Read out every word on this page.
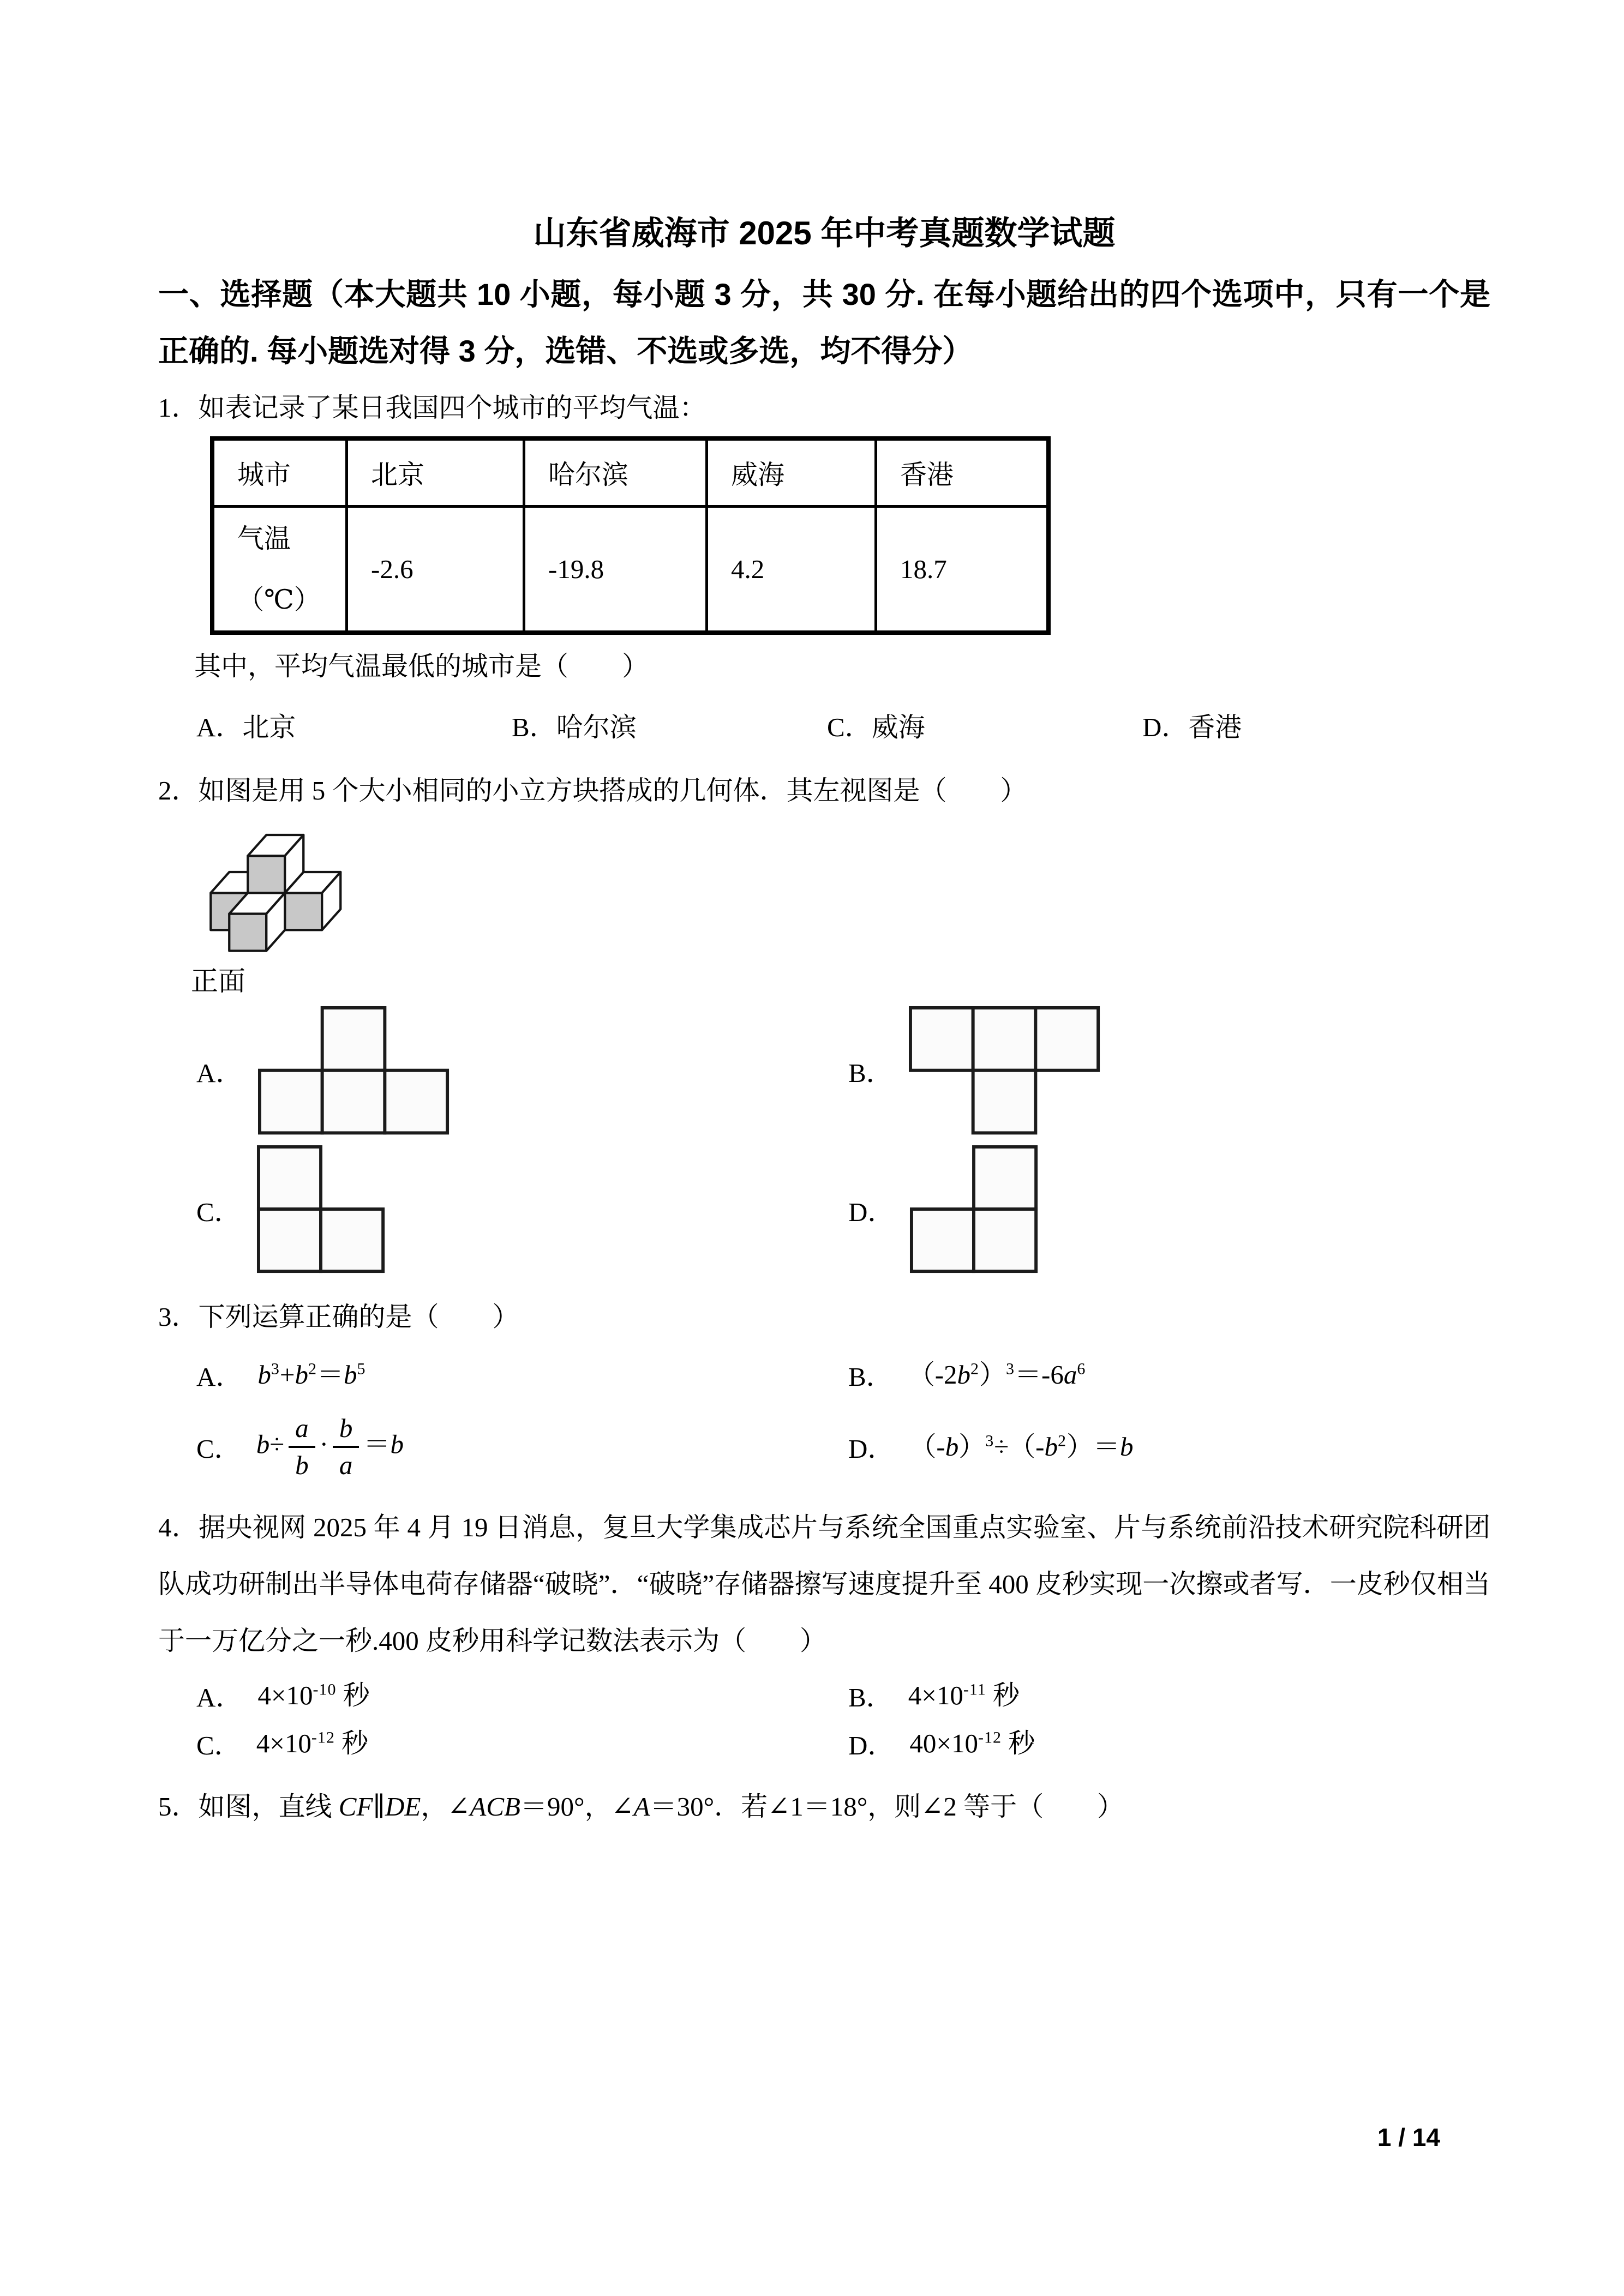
山东省威海市 2025 年中考真题数学试题

一、选择题（本大题共 10 小题，每小题 3 分，共 30 分. 在每小题给出的四个选项中，只有一个是正确的. 每小题选对得 3 分，选错、不选或多选，均不得分）

1．如表记录了某日我国四个城市的平均气温：

城市	北京	哈尔滨	威海	香港

气温
（℃）	-2.6	-19.8	4.2	18.7

其中，平均气温最低的城市是（　　）

A．北京	B．哈尔滨	C．威海	D．香港

2．如图是用 5 个大小相同的小立方块搭成的几何体．其左视图是（　　）

正面

A．	B．
C．	D．

3．下列运算正确的是（　　）

A． $b^3+b^2=b^5$	B． $(-2b^2)^3=-6a^6$
C． $b\div \frac{a}{b} \cdot \frac{b}{a} =b$	D． $(-b)^3\div(-b^2)=b$

4．据央视网 2025 年 4 月 19 日消息，复旦大学集成芯片与系统全国重点实验室、片与系统前沿技术研究院科研团队成功研制出半导体电荷存储器“破晓”．“破晓”存储器擦写速度提升至 400 皮秒实现一次擦或者写．一皮秒仅相当于一万亿分之一秒.400 皮秒用科学记数法表示为（　　）

A． $4\times 10^{-10}$ 秒	B． $4\times 10^{-11}$ 秒
C． $4\times 10^{-12}$ 秒	D． $40\times 10^{-12}$ 秒

5．如图，直线 CF∥DE，∠ACB＝90°，∠A＝30°．若∠1＝18°，则∠2 等于（　　）

1 / 14
